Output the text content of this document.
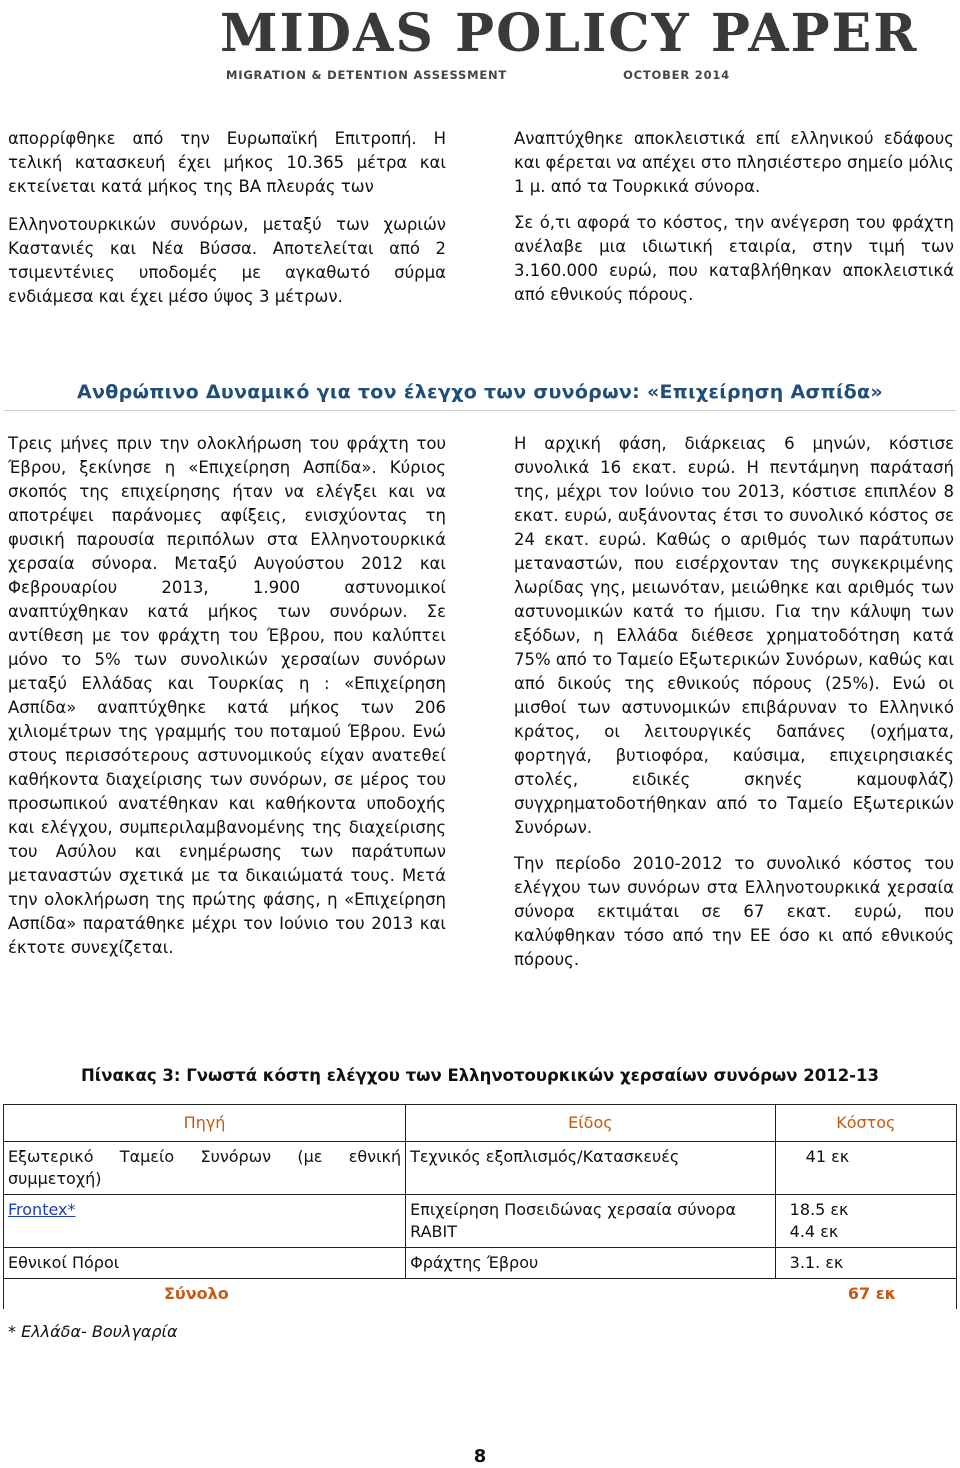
MIDAS POLICY PAPER
MIGRATION & DETENTION ASSESSMENT	OCTOBER 2014

απορρίφθηκε από την Ευρωπαϊκή Επιτροπή. Η τελική κατασκευή έχει μήκος 10.365 μέτρα και εκτείνεται κατά μήκος της ΒΑ πλευράς των

Ελληνοτουρκικών συνόρων, μεταξύ των χωριών Καστανιές και Νέα Βύσσα. Αποτελείται από 2 τσιμεντένιες υποδομές με αγκαθωτό σύρμα ενδιάμεσα και έχει μέσο ύψος 3 μέτρων.

Αναπτύχθηκε αποκλειστικά επί ελληνικού εδάφους και φέρεται να απέχει στο πλησιέστερο σημείο μόλις 1 μ. από τα Τουρκικά σύνορα.

Σε ό,τι αφορά το κόστος, την ανέγερση του φράχτη ανέλαβε μια ιδιωτική εταιρία, στην τιμή των 3.160.000 ευρώ, που καταβλήθηκαν αποκλειστικά από εθνικούς πόρους.

Ανθρώπινο Δυναμικό για τον έλεγχο των συνόρων: «Επιχείρηση Ασπίδα»

Τρεις μήνες πριν την ολοκλήρωση του φράχτη του Έβρου, ξεκίνησε η «Επιχείρηση Ασπίδα». Κύριος σκοπός της επιχείρησης ήταν να ελέγξει και να αποτρέψει παράνομες αφίξεις, ενισχύοντας τη φυσική παρουσία περιπόλων στα Ελληνοτουρκικά χερσαία σύνορα. Μεταξύ Αυγούστου 2012 και Φεβρουαρίου 2013, 1.900 αστυνομικοί αναπτύχθηκαν κατά μήκος των συνόρων. Σε αντίθεση με τον φράχτη του Έβρου, που καλύπτει μόνο το 5% των συνολικών χερσαίων συνόρων μεταξύ Ελλάδας και Τουρκίας η : «Επιχείρηση Ασπίδα» αναπτύχθηκε κατά μήκος των 206 χιλιομέτρων της γραμμής του ποταμού Έβρου. Ενώ στους περισσότερους αστυνομικούς είχαν ανατεθεί καθήκοντα διαχείρισης των συνόρων, σε μέρος του προσωπικού ανατέθηκαν και καθήκοντα υποδοχής και ελέγχου, συμπεριλαμβανομένης της διαχείρισης του Ασύλου και ενημέρωσης των παράτυπων μεταναστών σχετικά με τα δικαιώματά τους. Μετά την ολοκλήρωση της πρώτης φάσης, η «Επιχείρηση Ασπίδα» παρατάθηκε μέχρι τον Ιούνιο του 2013 και έκτοτε συνεχίζεται.

Η αρχική φάση, διάρκειας 6 μηνών, κόστισε συνολικά 16 εκατ. ευρώ. Η πεντάμηνη παράτασή της, μέχρι τον Ιούνιο του 2013, κόστισε επιπλέον 8 εκατ. ευρώ, αυξάνοντας έτσι το συνολικό κόστος σε 24 εκατ. ευρώ. Καθώς ο αριθμός των παράτυπων μεταναστών, που εισέρχονταν της συγκεκριμένης λωρίδας γης, μειωνόταν, μειώθηκε και αριθμός των αστυνομικών κατά το ήμισυ. Για την κάλυψη των εξόδων, η Ελλάδα διέθεσε χρηματοδότηση κατά 75% από το Ταμείο Εξωτερικών Συνόρων, καθώς και από δικούς της εθνικούς πόρους (25%). Ενώ οι μισθοί των αστυνομικών επιβάρυναν το Ελληνικό κράτος, οι λειτουργικές δαπάνες (οχήματα, φορτηγά, βυτιοφόρα, καύσιμα, επιχειρησιακές στολές, ειδικές σκηνές καμουφλάζ) συγχρηματοδοτήθηκαν από το Ταμείο Εξωτερικών Συνόρων.

Την περίοδο 2010-2012 το συνολικό κόστος του ελέγχου των συνόρων στα Ελληνοτουρκικά χερσαία σύνορα εκτιμάται σε 67 εκατ. ευρώ, που καλύφθηκαν τόσο από την ΕΕ όσο κι από εθνικούς πόρους.

Πίνακας 3: Γνωστά κόστη ελέγχου των Ελληνοτουρκικών χερσαίων συνόρων 2012-13
Πηγή	Είδος	Κόστος
Εξωτερικό Ταμείο Συνόρων (με εθνική συμμετοχή)	Τεχνικός εξοπλισμός/Κατασκευές	41 εκ
Frontex*	Επιχείρηση Ποσειδώνας χερσαία σύνορα RABIT	18.5 εκ
4.4 εκ

Εθνικοί Πόροι	Φράχτης Έβρου	3.1. εκ
Σύνολο		67 εκ
* Ελλάδα- Βουλγαρία
8
